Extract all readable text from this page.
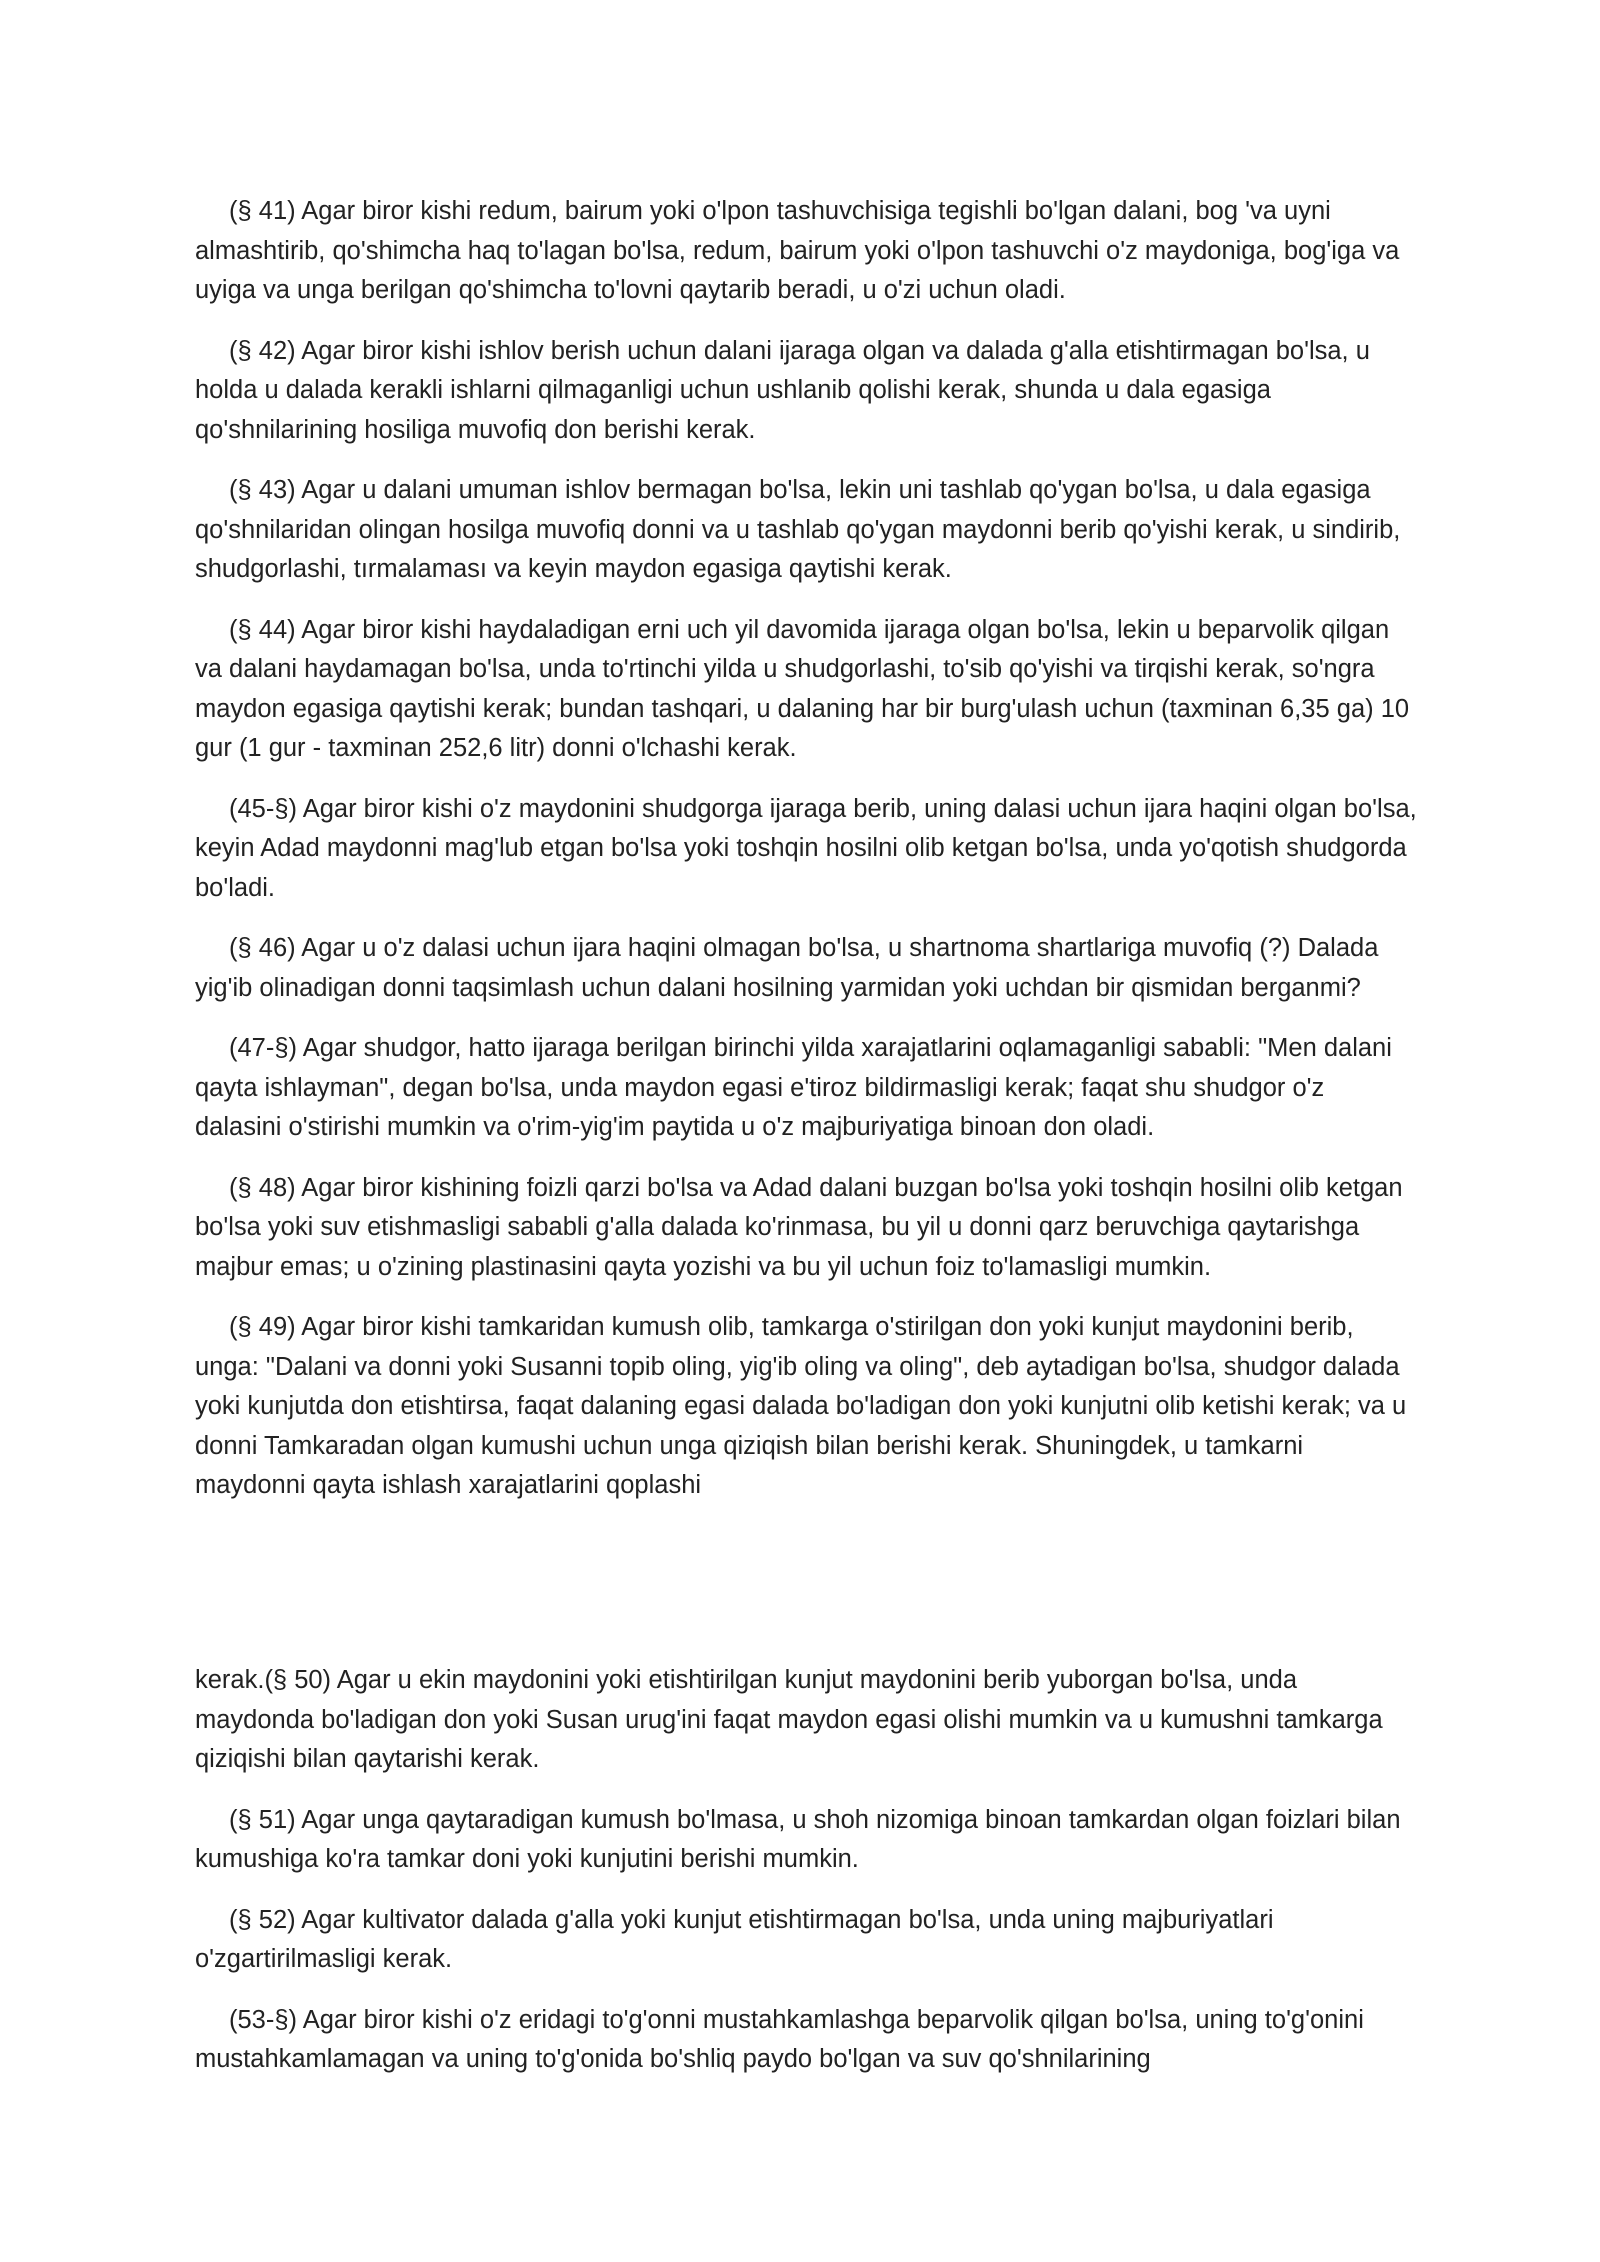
(§ 41) Agar biror kishi redum, bairum yoki o'lpon tashuvchisiga tegishli bo'lgan dalani, bog 'va uyni almashtirib, qo'shimcha haq to'lagan bo'lsa, redum, bairum yoki o'lpon tashuvchi o'z maydoniga, bog'iga va uyiga va unga berilgan qo'shimcha to'lovni qaytarib beradi, u o'zi uchun oladi.

(§ 42) Agar biror kishi ishlov berish uchun dalani ijaraga olgan va dalada g'alla etishtirmagan bo'lsa, u holda u dalada kerakli ishlarni qilmaganligi uchun ushlanib qolishi kerak, shunda u dala egasiga qo'shnilarining hosiliga muvofiq don berishi kerak.

(§ 43) Agar u dalani umuman ishlov bermagan bo'lsa, lekin uni tashlab qo'ygan bo'lsa, u dala egasiga qo'shnilaridan olingan hosilga muvofiq donni va u tashlab qo'ygan maydonni berib qo'yishi kerak, u sindirib, shudgorlashi, tırmalaması va keyin maydon egasiga qaytishi kerak.

(§ 44) Agar biror kishi haydaladigan erni uch yil davomida ijaraga olgan bo'lsa, lekin u beparvolik qilgan va dalani haydamagan bo'lsa, unda to'rtinchi yilda u shudgorlashi, to'sib qo'yishi va tirqishi kerak, so'ngra maydon egasiga qaytishi kerak; bundan tashqari, u dalaning har bir burg'ulash uchun (taxminan 6,35 ga) 10 gur (1 gur - taxminan 252,6 litr) donni o'lchashi kerak.

(45-§) Agar biror kishi o'z maydonini shudgorga ijaraga berib, uning dalasi uchun ijara haqini olgan bo'lsa, keyin Adad maydonni mag'lub etgan bo'lsa yoki toshqin hosilni olib ketgan bo'lsa, unda yo'qotish shudgorda bo'ladi.

(§ 46) Agar u o'z dalasi uchun ijara haqini olmagan bo'lsa, u shartnoma shartlariga muvofiq (?) Dalada yig'ib olinadigan donni taqsimlash uchun dalani hosilning yarmidan yoki uchdan bir qismidan berganmi?

(47-§) Agar shudgor, hatto ijaraga berilgan birinchi yilda xarajatlarini oqlamaganligi sababli: "Men dalani qayta ishlayman", degan bo'lsa, unda maydon egasi e'tiroz bildirmasligi kerak; faqat shu shudgor o'z dalasini o'stirishi mumkin va o'rim-yig'im paytida u o'z majburiyatiga binoan don oladi.

(§ 48) Agar biror kishining foizli qarzi bo'lsa va Adad dalani buzgan bo'lsa yoki toshqin hosilni olib ketgan bo'lsa yoki suv etishmasligi sababli g'alla dalada ko'rinmasa, bu yil u donni qarz beruvchiga qaytarishga majbur emas; u o'zining plastinasini qayta yozishi va bu yil uchun foiz to'lamasligi mumkin.

(§ 49) Agar biror kishi tamkaridan kumush olib, tamkarga o'stirilgan don yoki kunjut maydonini berib, unga: "Dalani va donni yoki Susanni topib oling, yig'ib oling va oling", deb aytadigan bo'lsa, shudgor dalada yoki kunjutda don etishtirsa, faqat dalaning egasi dalada bo'ladigan don yoki kunjutni olib ketishi kerak; va u donni Tamkaradan olgan kumushi uchun unga qiziqish bilan berishi kerak. Shuningdek, u tamkarni maydonni qayta ishlash xarajatlarini qoplashi

kerak.(§ 50) Agar u ekin maydonini yoki etishtirilgan kunjut maydonini berib yuborgan bo'lsa, unda maydonda bo'ladigan don yoki Susan urug'ini faqat maydon egasi olishi mumkin va u kumushni tamkarga qiziqishi bilan qaytarishi kerak.

(§ 51) Agar unga qaytaradigan kumush bo'lmasa, u shoh nizomiga binoan tamkardan olgan foizlari bilan kumushiga ko'ra tamkar doni yoki kunjutini berishi mumkin.

(§ 52) Agar kultivator dalada g'alla yoki kunjut etishtirmagan bo'lsa, unda uning majburiyatlari o'zgartirilmasligi kerak.

(53-§) Agar biror kishi o'z eridagi to'g'onni mustahkamlashga beparvolik qilgan bo'lsa, uning to'g'onini mustahkamlamagan va uning to'g'onida bo'shliq paydo bo'lgan va suv qo'shnilarining
